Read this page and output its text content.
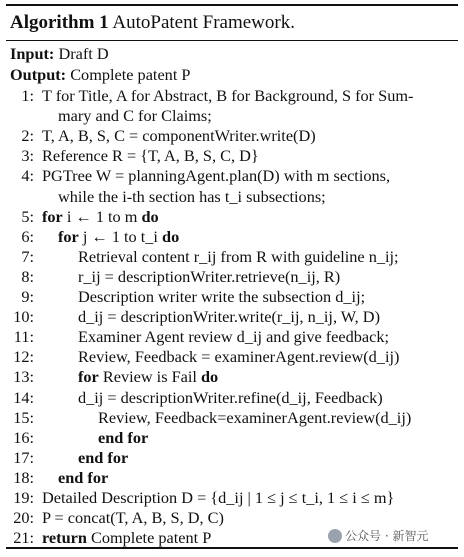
Algorithm 1 AutoPatent Framework.
Input: Draft D
Output: Complete patent P
1: T for Title, A for Abstract, B for Background, S for Sum-
mary and C for Claims;
2: T, A, B, S, C = componentWriter.write(D)
3: Reference R = {T, A, B, S, C, D}
4: PGTree W = planningAgent.plan(D) with m sections,
while the i-th section has t_i subsections;
5: for i ← 1 to m do
6: for j ← 1 to t_i do
7:	Retrieval content r_ij from R with guideline n_ij;
8:	r_ij = descriptionWriter.retrieve(n_ij, R)
9:	Description writer write the subsection d_ij;
10:	d_ij = descriptionWriter.write(r_ij, n_ij, W, D)
11:	Examiner Agent review d_ij and give feedback;
12:	Review, Feedback = examinerAgent.review(d_ij)
13:	for Review is Fail do
14:	d_ij = descriptionWriter.refine(d_ij, Feedback)
15:	Review, Feedback=examinerAgent.review(d_ij)
16:	end for
17:	end for
18: end for
19: Detailed Description D = {d_ij | 1 ≤ j ≤ t_i, 1 ≤ i ≤ m}
20: P = concat(T, A, B, S, D, C)
21: return Complete patent P	公众号 · 新智元
